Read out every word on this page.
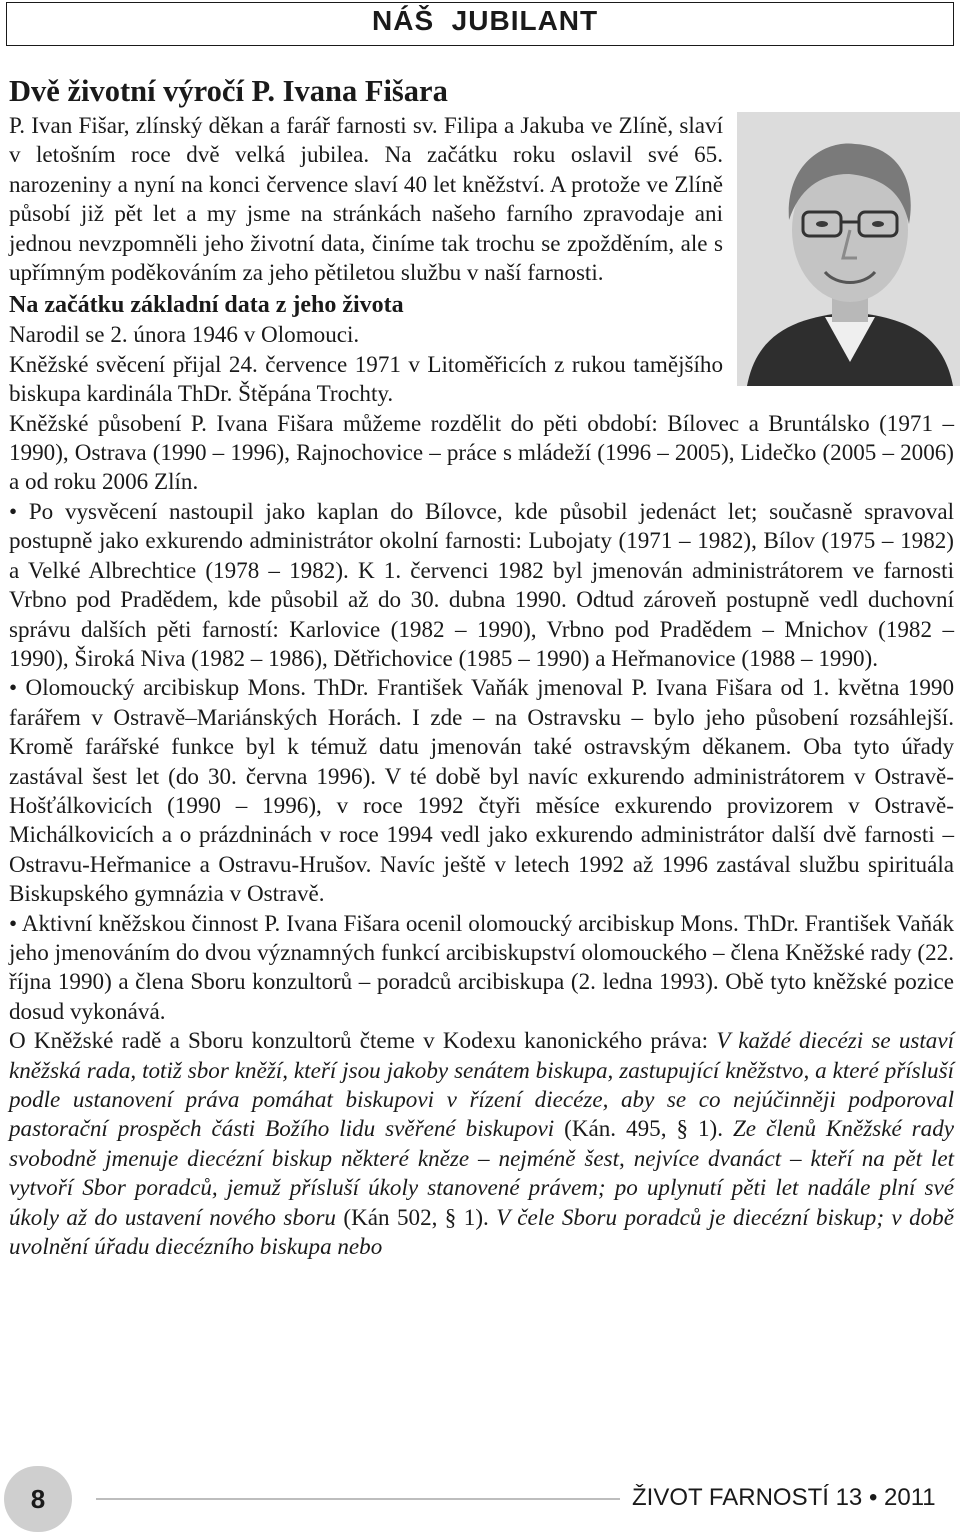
NÁŠ  JUBILANT
Dvě životní výročí P. Ivana Fišara

P. Ivan Fišar, zlínský děkan a farář farnosti sv. Filipa a Jakuba ve Zlíně, slaví v letošním roce dvě velká jubilea. Na začátku roku oslavil své 65. narozeniny a nyní na konci července slaví 40 let kněžství. A protože ve Zlíně působí již pět let a my jsme na stránkách našeho farního zpravodaje ani jednou nevzpomněli jeho životní data, činíme tak trochu se zpožděním, ale s upřímným poděkováním za jeho pětiletou službu v naší farnosti.

Na začátku základní data z jeho života

Narodil se 2. února 1946 v Olomouci.

Kněžské svěcení přijal 24. července 1971 v Litoměřicích z rukou tamějšího biskupa kardinála ThDr. Štěpána Trochty.

Kněžské působení P. Ivana Fišara můžeme rozdělit do pěti období: Bílovec a Bruntálsko (1971 – 1990), Ostrava (1990 – 1996), Rajnochovice – práce s mládeží (1996 – 2005), Lidečko (2005 – 2006) a od roku 2006 Zlín.

• Po vysvěcení nastoupil jako kaplan do Bílovce, kde působil jedenáct let; současně spravoval postupně jako exkurendo administrátor okolní farnosti: Lubojaty (1971 – 1982), Bílov (1975 – 1982) a Velké Albrechtice (1978 – 1982). K 1. červenci 1982 byl jmenován administrátorem ve farnosti Vrbno pod Pradědem, kde působil až do 30. dubna 1990. Odtud zároveň postupně vedl duchovní správu dalších pěti farností: Karlovice (1982 – 1990), Vrbno pod Pradědem – Mnichov (1982 – 1990), Široká Niva (1982 – 1986), Dětřichovice (1985 – 1990) a Heřmanovice (1988 – 1990).

• Olomoucký arcibiskup Mons. ThDr. František Vaňák jmenoval P. Ivana Fišara od 1. května 1990 farářem v Ostravě–Mariánských Horách. I zde – na Ostravsku – bylo jeho působení rozsáhlejší. Kromě farářské funkce byl k témuž datu jmenován také ostravským děkanem. Oba tyto úřady zastával šest let (do 30. června 1996). V té době byl navíc exkurendo administrátorem v Ostravě-Hošťálkovicích (1990 – 1996), v roce 1992 čtyři měsíce exkurendo provizorem v Ostravě-Michálkovicích a o prázdninách v roce 1994 vedl jako exkurendo administrátor další dvě farnosti – Ostravu-Heřmanice a Ostravu-Hrušov. Navíc ještě v letech 1992 až 1996 zastával službu spirituála Biskupského gymnázia v Ostravě.

• Aktivní kněžskou činnost P. Ivana Fišara ocenil olomoucký arcibiskup Mons. ThDr. František Vaňák jeho jmenováním do dvou významných funkcí arcibiskupství olomouckého – člena Kněžské rady (22. října 1990) a člena Sboru konzultorů – poradců arcibiskupa (2. ledna 1993). Obě tyto kněžské pozice dosud vykonává.

O Kněžské radě a Sboru konzultorů čteme v Kodexu kanonického práva: V každé diecézi se ustaví kněžská rada, totiž sbor kněží, kteří jsou jakoby senátem biskupa, zastupující kněžstvo, a které přísluší podle ustanovení práva pomáhat biskupovi v řízení diecéze, aby se co nejúčinněji podporoval pastorační prospěch části Božího lidu svěřené biskupovi (Kán. 495, § 1). Ze členů Kněžské rady svobodně jmenuje diecézní biskup některé kněze – nejméně šest, nejvíce dvanáct – kteří na pět let vytvoří Sbor poradců, jemuž přísluší úkoly stanovené právem; po uplynutí pěti let nadále plní své úkoly až do ustavení nového sboru (Kán 502, § 1). V čele Sboru poradců je diecézní biskup; v době uvolnění úřadu diecézního biskupa nebo

8	ŽIVOT FARNOSTÍ 13 • 2011
